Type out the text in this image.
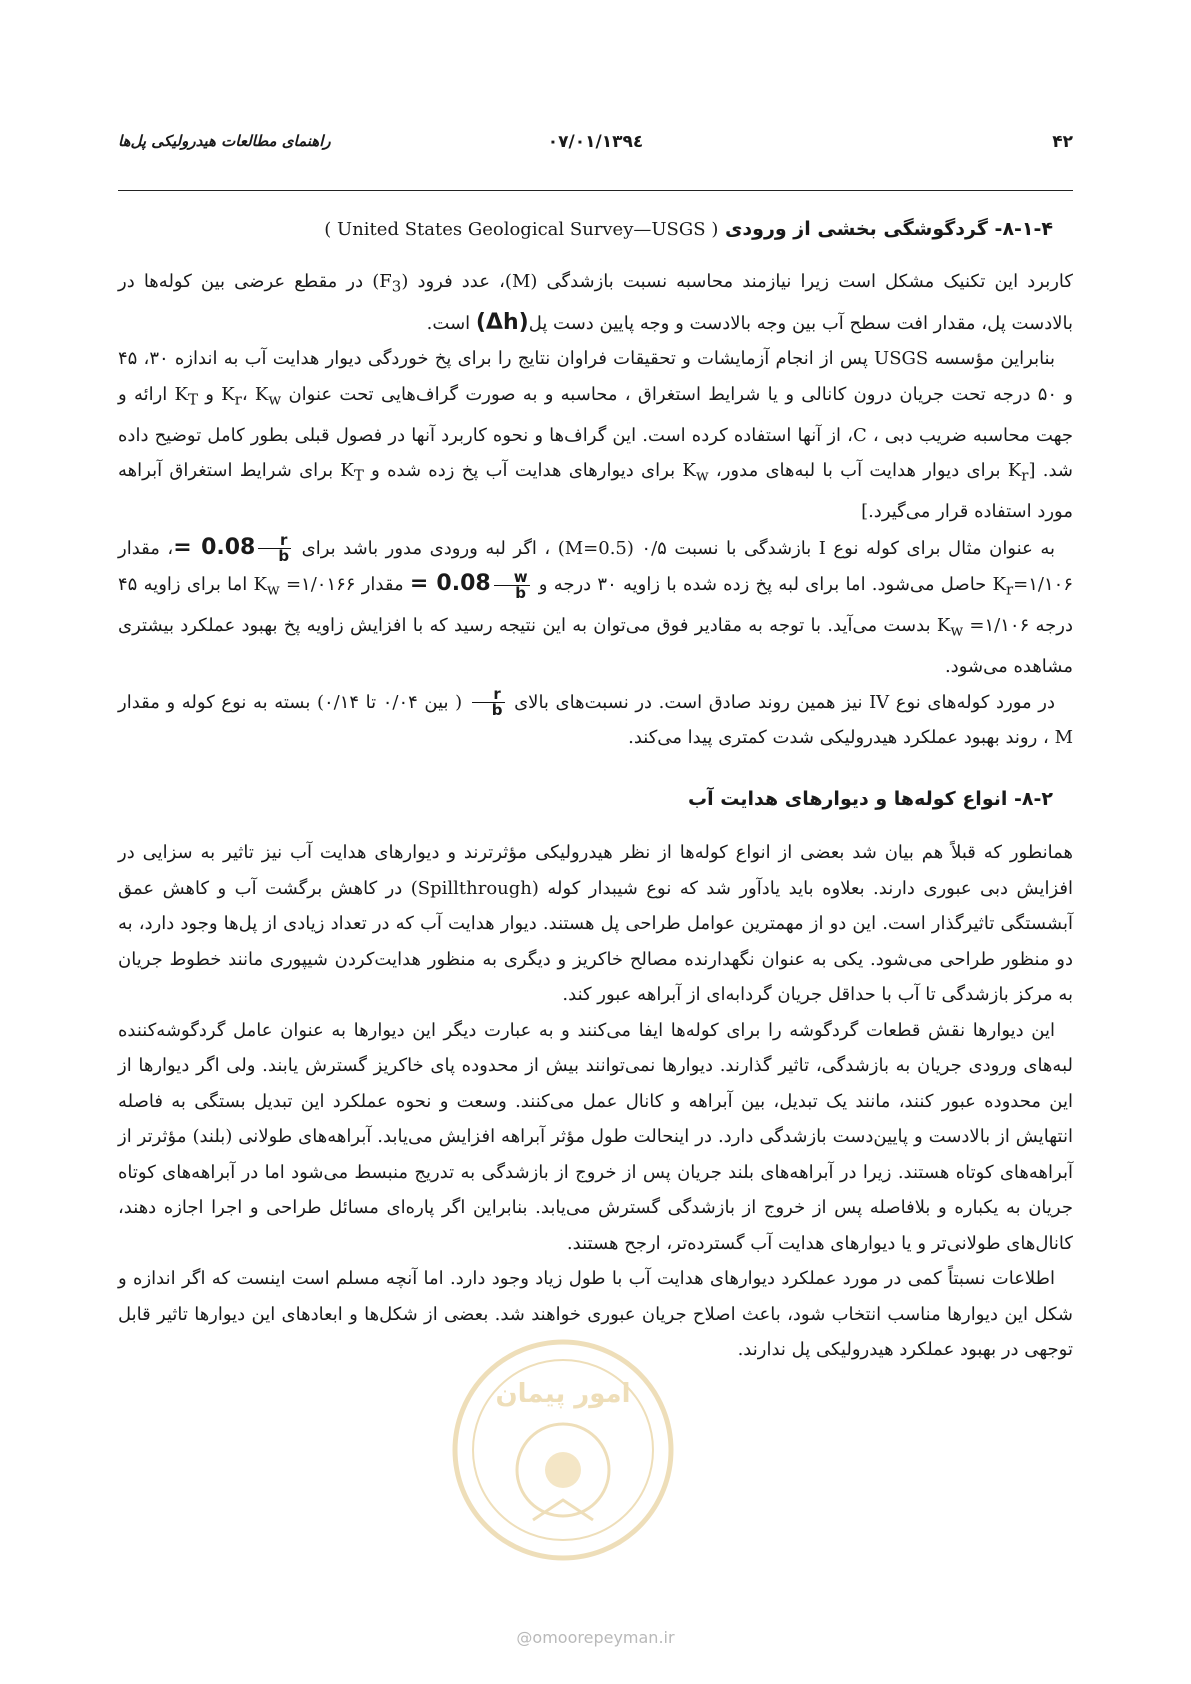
۴۲
۱۳۹٤/۰۷/۰۱
راهنمای مطالعات هیدرولیکی پل‌ها

۸-۱-۴- گردگوشگی بخشی از ورودی ( United States Geological Survey—USGS )

کاربرد این تکنیک مشکل است زیرا نیازمند محاسبه نسبت بازشدگی (M)، عدد فرود $(F_3)$ در مقطع عرضی بین کوله‌ها در بالادست پل، مقدار افت سطح آب بین وجه بالادست و وجه پایین دست پل(Δh) است.

بنابراین مؤسسه USGS پس از انجام آزمایشات و تحقیقات فراوان نتایج را برای پخ خوردگی دیوار هدایت آب به اندازه ۳۰، ۴۵ و ۵۰ درجه تحت جریان درون کانالی و یا شرایط استغراق ، محاسبه و به صورت گراف‌هایی تحت عنوان $K_r،$ $K_w$ و $K_T$ ارائه و جهت محاسبه ضریب دبی ، C، از آنها استفاده کرده است. این گراف‌ها و نحوه کاربرد آنها در فصول قبلی بطور کامل توضیح داده شد. [$K_r$ برای دیوار هدایت آب با لبه‌های مدور، $K_w$ برای دیوارهای هدایت آب پخ زده شده و $K_T$ برای شرایط استغراق آبراهه مورد استفاده قرار می‌گیرد.]

به عنوان مثال برای کوله نوع I بازشدگی با نسبت ۰/۵ (M=0.5) ، اگر لبه ورودی مدور باشد برای
$\frac{r}{b}$
= 0.08، مقدار $K_r=۱/۱۰۶$ حاصل می‌شود. اما برای لبه پخ زده شده با زاویه ۳۰ درجه و
$\frac{w}{b}$
= 0.08 مقدار $K_w$ =۱/۰۱۶۶ اما برای زاویه ۴۵ درجه $K_w$ =۱/۱۰۶ بدست می‌آید. با توجه به مقادیر فوق می‌توان به این نتیجه رسید که با افزایش زاویه پخ بهبود عملکرد بیشتری مشاهده می‌شود.

در مورد کوله‌های نوع IV نیز همین روند صادق است. در نسبت‌های بالای
$\frac{r}{b}$
( بین ۰/۰۴ تا ۰/۱۴) بسته به نوع کوله و مقدار M ، روند بهبود عملکرد هیدرولیکی شدت کمتری پیدا می‌کند.

۸-۲- انواع کوله‌ها و دیوارهای هدایت آب

همانطور که قبلاً هم بیان شد بعضی از انواع کوله‌ها از نظر هیدرولیکی مؤثرترند و دیوارهای هدایت آب نیز تاثیر به سزایی در افزایش دبی عبوری دارند. بعلاوه باید یادآور شد که نوع شیبدار کوله (Spillthrough) در کاهش برگشت آب و کاهش عمق آبشستگی تاثیرگذار است. این دو از مهمترین عوامل طراحی پل هستند. دیوار هدایت آب که در تعداد زیادی از پل‌ها وجود دارد، به دو منظور طراحی می‌شود. یکی به عنوان نگهدارنده مصالح خاکریز و دیگری به منظور هدایت‌کردن شیپوری مانند خطوط جریان به مرکز بازشدگی تا آب با حداقل جریان گردابه‌ای از آبراهه عبور کند.

این دیوارها نقش قطعات گردگوشه را برای کوله‌ها ایفا می‌کنند و به عبارت دیگر این دیوارها به عنوان عامل گردگوشه‌کننده لبه‌های ورودی جریان به بازشدگی، تاثیر گذارند. دیوارها نمی‌توانند بیش از محدوده پای خاکریز گسترش یابند. ولی اگر دیوارها از این محدوده عبور کنند، مانند یک تبدیل، بین آبراهه و کانال عمل می‌کنند. وسعت و نحوه عملکرد این تبدیل بستگی به فاصله انتهایش از بالادست و پایین‌دست بازشدگی دارد. در اینحالت طول مؤثر آبراهه افزایش می‌یابد. آبراهه‌های طولانی (بلند) مؤثرتر از آبراهه‌های کوتاه هستند. زیرا در آبراهه‌های بلند جریان پس از خروج از بازشدگی به تدریج منبسط می‌شود اما در آبراهه‌های کوتاه جریان به یکباره و بلافاصله پس از خروج از بازشدگی گسترش می‌یابد. بنابراین اگر پاره‌ای مسائل طراحی و اجرا اجازه دهند، کانال‌های طولانی‌تر و یا دیوارهای هدایت آب گسترده‌تر، ارجح هستند.

اطلاعات نسبتاً کمی در مورد عملکرد دیوارهای هدایت آب با طول زیاد وجود دارد. اما آنچه مسلم است اینست که اگر اندازه و شکل این دیوارها مناسب انتخاب شود، باعث اصلاح جریان عبوری خواهند شد. بعضی از شکل‌ها و ابعادهای این دیوارها تاثیر قابل توجهی در بهبود عملکرد هیدرولیکی پل ندارند.

امور پیمان
@omoorepeyman.ir
